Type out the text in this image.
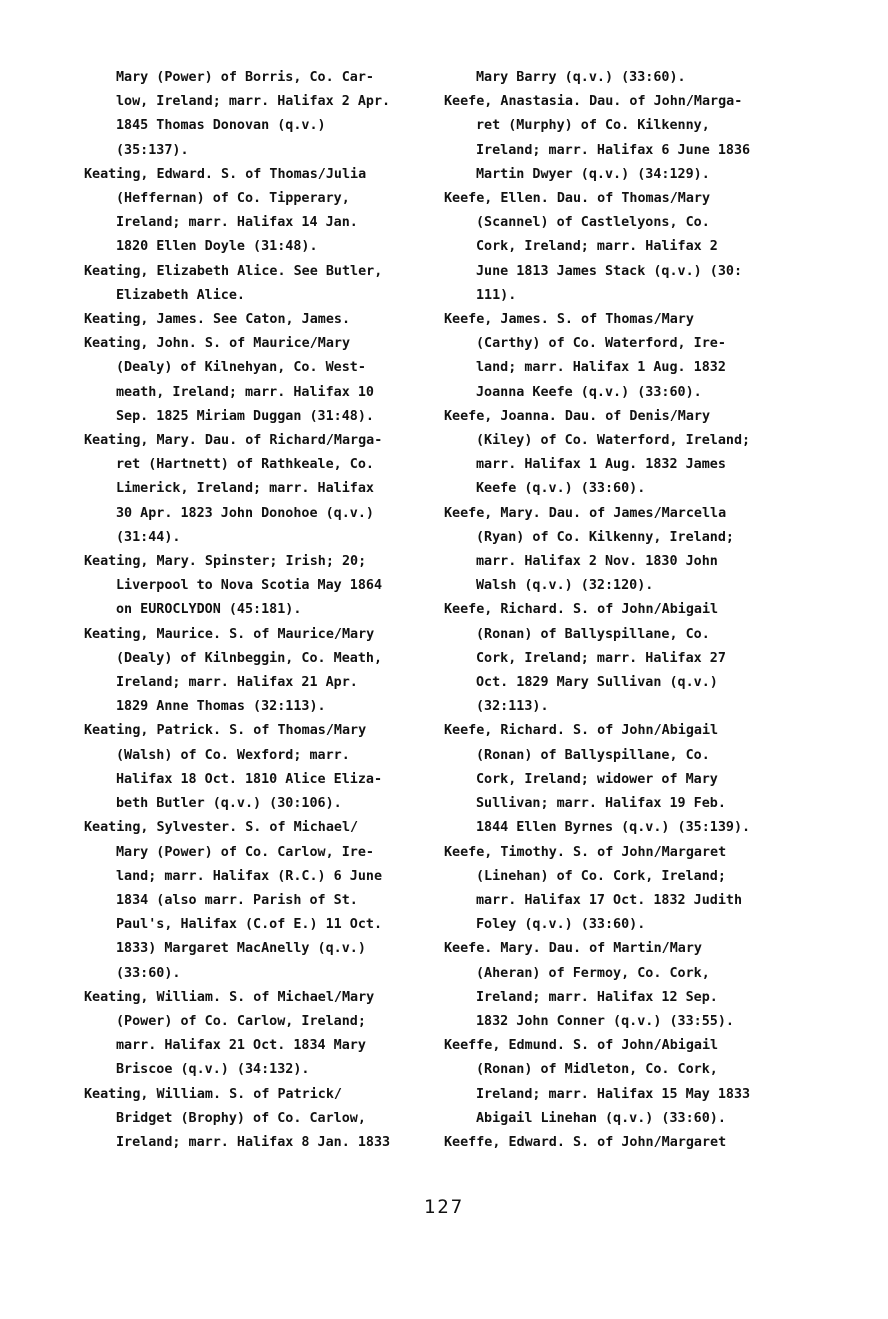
Mary (Power) of Borris, Co. Car-
low, Ireland; marr. Halifax 2 Apr.
1845 Thomas Donovan (q.v.)
(35:137).
Keating, Edward. S. of Thomas/Julia
(Heffernan) of Co. Tipperary,
Ireland; marr. Halifax 14 Jan.
1820 Ellen Doyle (31:48).
Keating, Elizabeth Alice. See Butler,
Elizabeth Alice.
Keating, James. See Caton, James.
Keating, John. S. of Maurice/Mary
(Dealy) of Kilnehyan, Co. West-
meath, Ireland; marr. Halifax 10
Sep. 1825 Miriam Duggan (31:48).
Keating, Mary. Dau. of Richard/Marga-
ret (Hartnett) of Rathkeale, Co.
Limerick, Ireland; marr. Halifax
30 Apr. 1823 John Donohoe (q.v.)
(31:44).
Keating, Mary. Spinster; Irish; 20;
Liverpool to Nova Scotia May 1864
on EUROCLYDON (45:181).
Keating, Maurice. S. of Maurice/Mary
(Dealy) of Kilnbeggin, Co. Meath,
Ireland; marr. Halifax 21 Apr.
1829 Anne Thomas (32:113).
Keating, Patrick. S. of Thomas/Mary
(Walsh) of Co. Wexford; marr.
Halifax 18 Oct. 1810 Alice Eliza-
beth Butler (q.v.) (30:106).
Keating, Sylvester. S. of Michael/
Mary (Power) of Co. Carlow, Ire-
land; marr. Halifax (R.C.) 6 June
1834 (also marr. Parish of St.
Paul's, Halifax (C.of E.) 11 Oct.
1833) Margaret MacAnelly (q.v.)
(33:60).
Keating, William. S. of Michael/Mary
(Power) of Co. Carlow, Ireland;
marr. Halifax 21 Oct. 1834 Mary
Briscoe (q.v.) (34:132).
Keating, William. S. of Patrick/
Bridget (Brophy) of Co. Carlow,
Ireland; marr. Halifax 8 Jan. 1833
Mary Barry (q.v.) (33:60).
Keefe, Anastasia. Dau. of John/Marga-
ret (Murphy) of Co. Kilkenny,
Ireland; marr. Halifax 6 June 1836
Martin Dwyer (q.v.) (34:129).
Keefe, Ellen. Dau. of Thomas/Mary
(Scannel) of Castlelyons, Co.
Cork, Ireland; marr. Halifax 2
June 1813 James Stack (q.v.) (30:
111).
Keefe, James. S. of Thomas/Mary
(Carthy) of Co. Waterford, Ire-
land; marr. Halifax 1 Aug. 1832
Joanna Keefe (q.v.) (33:60).
Keefe, Joanna. Dau. of Denis/Mary
(Kiley) of Co. Waterford, Ireland;
marr. Halifax 1 Aug. 1832 James
Keefe (q.v.) (33:60).
Keefe, Mary. Dau. of James/Marcella
(Ryan) of Co. Kilkenny, Ireland;
marr. Halifax 2 Nov. 1830 John
Walsh (q.v.) (32:120).
Keefe, Richard. S. of John/Abigail
(Ronan) of Ballyspillane, Co.
Cork, Ireland; marr. Halifax 27
Oct. 1829 Mary Sullivan (q.v.)
(32:113).
Keefe, Richard. S. of John/Abigail
(Ronan) of Ballyspillane, Co.
Cork, Ireland; widower of Mary
Sullivan; marr. Halifax 19 Feb.
1844 Ellen Byrnes (q.v.) (35:139).
Keefe, Timothy. S. of John/Margaret
(Linehan) of Co. Cork, Ireland;
marr. Halifax 17 Oct. 1832 Judith
Foley (q.v.) (33:60).
Keefe. Mary. Dau. of Martin/Mary
(Aheran) of Fermoy, Co. Cork,
Ireland; marr. Halifax 12 Sep.
1832 John Conner (q.v.) (33:55).
Keeffe, Edmund. S. of John/Abigail
(Ronan) of Midleton, Co. Cork,
Ireland; marr. Halifax 15 May 1833
Abigail Linehan (q.v.) (33:60).
Keeffe, Edward. S. of John/Margaret
127
